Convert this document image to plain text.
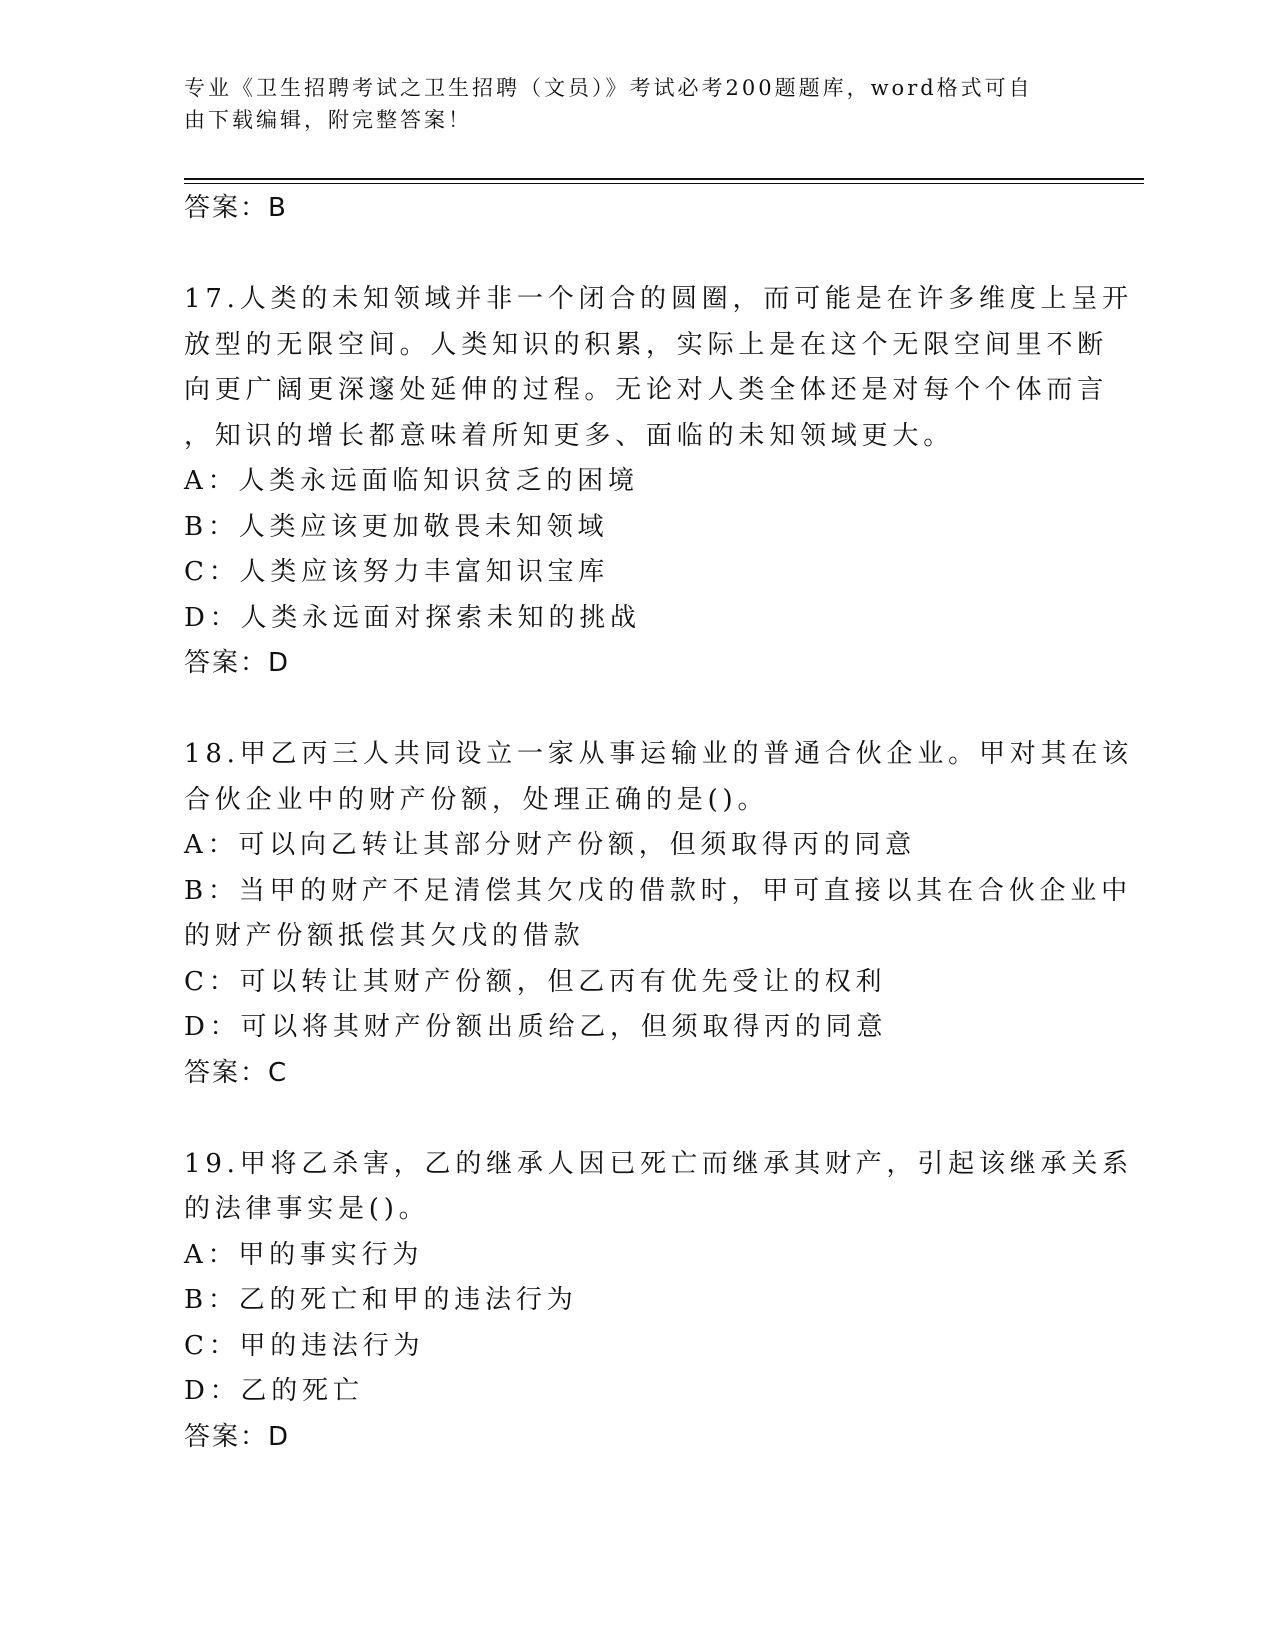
专业《卫生招聘考试之卫生招聘（文员）》考试必考200题题库，word格式可自
由下载编辑，附完整答案！
答案：B
17.人类的未知领域并非一个闭合的圆圈，而可能是在许多维度上呈开
放型的无限空间。人类知识的积累，实际上是在这个无限空间里不断
向更广阔更深邃处延伸的过程。无论对人类全体还是对每个个体而言
，知识的增长都意味着所知更多、面临的未知领域更大。
A：人类永远面临知识贫乏的困境
B：人类应该更加敬畏未知领域
C：人类应该努力丰富知识宝库
D：人类永远面对探索未知的挑战
答案：D
18.甲乙丙三人共同设立一家从事运输业的普通合伙企业。甲对其在该
合伙企业中的财产份额，处理正确的是()。
A：可以向乙转让其部分财产份额，但须取得丙的同意
B：当甲的财产不足清偿其欠戊的借款时，甲可直接以其在合伙企业中
的财产份额抵偿其欠戊的借款
C：可以转让其财产份额，但乙丙有优先受让的权利
D：可以将其财产份额出质给乙，但须取得丙的同意
答案：C
19.甲将乙杀害，乙的继承人因已死亡而继承其财产，引起该继承关系
的法律事实是()。
A：甲的事实行为
B：乙的死亡和甲的违法行为
C：甲的违法行为
D：乙的死亡
答案：D
